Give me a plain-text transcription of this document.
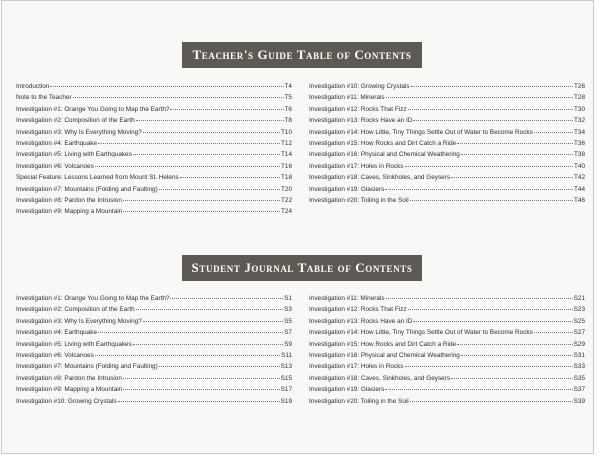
Teacher's Guide Table of Contents
Introduction	T4
Note to the Teacher	T5
Investigation #1: Orange You Going to Map the Earth?	T6
Investigation #2: Composition of the Earth	T8
Investigation #3: Why Is Everything Moving?	T10
Investigation #4: Earthquake	T12
Investigation #5: Living with Earthquakes	T14
Investigation #6: Volcanoes	T16
Special Feature: Lessons Learned from Mount St. Helens	T18
Investigation #7: Mountains (Folding and Faulting)	T20
Investigation #8: Pardon the Intrusion	T22
Investigation #9: Mapping a Mountain	T24
Investigation #10: Growing Crystals	T26
Investigation #11: Minerals	T28
Investigation #12: Rocks That Fizz	T30
Investigation #13: Rocks Have an ID	T32
Investigation #14: How Little, Tiny Things Settle Out of Water to Become Rocks	T34
Investigation #15: How Rocks and Dirt Catch a Ride	T36
Investigation #16: Physical and Chemical Weathering	T38
Investigation #17: Holes in Rocks	T40
Investigation #18: Caves, Sinkholes, and Geysers	T42
Investigation #19: Glaciers	T44
Investigation #20: Toiling in the Soil	T46
Student Journal Table of Contents
Investigation #1: Orange You Going to Map the Earth?	S1
Investigation #2: Composition of the Earth	S3
Investigation #3: Why Is Everything Moving?	S5
Investigation #4: Earthquake	S7
Investigation #5: Living with Earthquakes	S9
Investigation #6: Volcanoes	S11
Investigation #7: Mountains (Folding and Faulting)	S13
Investigation #8: Pardon the Intrusion	S15
Investigation #9: Mapping a Mountain	S17
Investigation #10: Growing Crystals	S19
Investigation #11: Minerals	S21
Investigation #12: Rocks That Fizz	S23
Investigation #13: Rocks Have an ID	S25
Investigation #14: How Little, Tiny Things Settle Out of Water to Become Rocks	S27
Investigation #15: How Rocks and Dirt Catch a Ride	S29
Investigation #16: Physical and Chemical Weathering	S31
Investigation #17: Holes in Rocks	S33
Investigation #18: Caves, Sinkholes, and Geysers	S35
Investigation #19: Glaciers	S37
Investigation #20: Toiling in the Soil	S39
